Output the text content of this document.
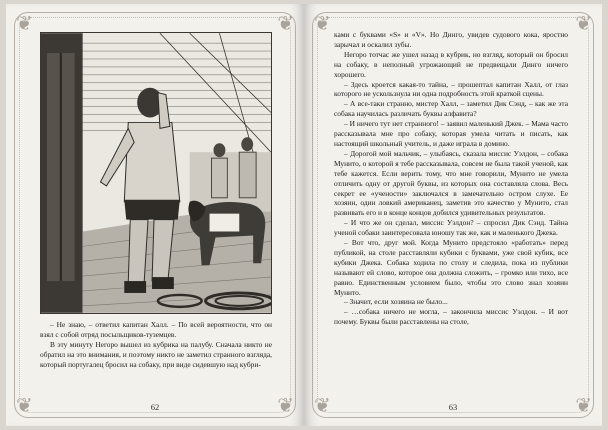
❦	❦
❦	❦

– Не знаю, – ответил капитан Халл. – По всей вероятности, что он взял с собой отряд посыльщиков-туземцев.

В эту минуту Негоро вышел из кубрика на палубу. Сначала никто не обратил на это внимания, и поэтому никто не заметил странного взгляда, который португалец бросил на собаку, при виде сидевшую над кубри-

62
❦	❦
❦	❦

ками с буквами «S» и «V». Но Динго, увидев судового кока, яростно зарычал и оскалил зубы.

Негоро тотчас же ушел назад в кубрик, но взгляд, который он бросил на собаку, в неполный угрожающий не предвещали Динго ничего хорошего.

– Здесь кроется какая-то тайна, – прошептал капитан Халл, от глаз которого не ускользнула ни одна подробность этой краткой сцены.

– А все-таки странно, мистер Халл, – заметил Дик Сэнд, – как же эта собака научилась различать буквы алфавита?

– И ничего тут нет странного! – заявил маленький Джек. – Мама часто рассказывала мне про собаку, которая умела читать и писать, как настоящий школьный учитель, и даже играла в домино.

– Дорогой мой мальчик, – улыбаясь, сказала миссис Уэлдон, – собака Мунито, о которой я тебе рассказывала, совсем не была такой ученой, как тебе кажется. Если верить тому, что мне говорили, Мунито не умела отличить одну от другой буквы, из которых она составляла слова. Весь секрет ее «учености» заключался в замечательно остром слухе. Ее хозяин, один ловкий американец, заметив это качество у Мунито, стал развивать его и в конце концов добился удивительных результатов.

– И что же он сделал, миссис Уэлдон? – спросил Дик Сэнд. Тайна ученой собаки заинтересовала юношу так же, как и маленького Джека.

– Вот что, друг мой. Когда Мунито предстояло «работать» перед публикой, на столе расставляли кубики с буквами, уже свой кубик, все кубики Джека. Собака ходила по столу и следила, пока из публики называют ей слово, которое она должна сложить, – громко или тихо, все равно. Единственным условием было, чтобы это слово знал хозяин Мунито.

– Значит, если хозяина не было...

– …собака ничего не могла, – закончила миссис Уэлдон. – И вот почему. Буквы были расставлены на столе,

63
